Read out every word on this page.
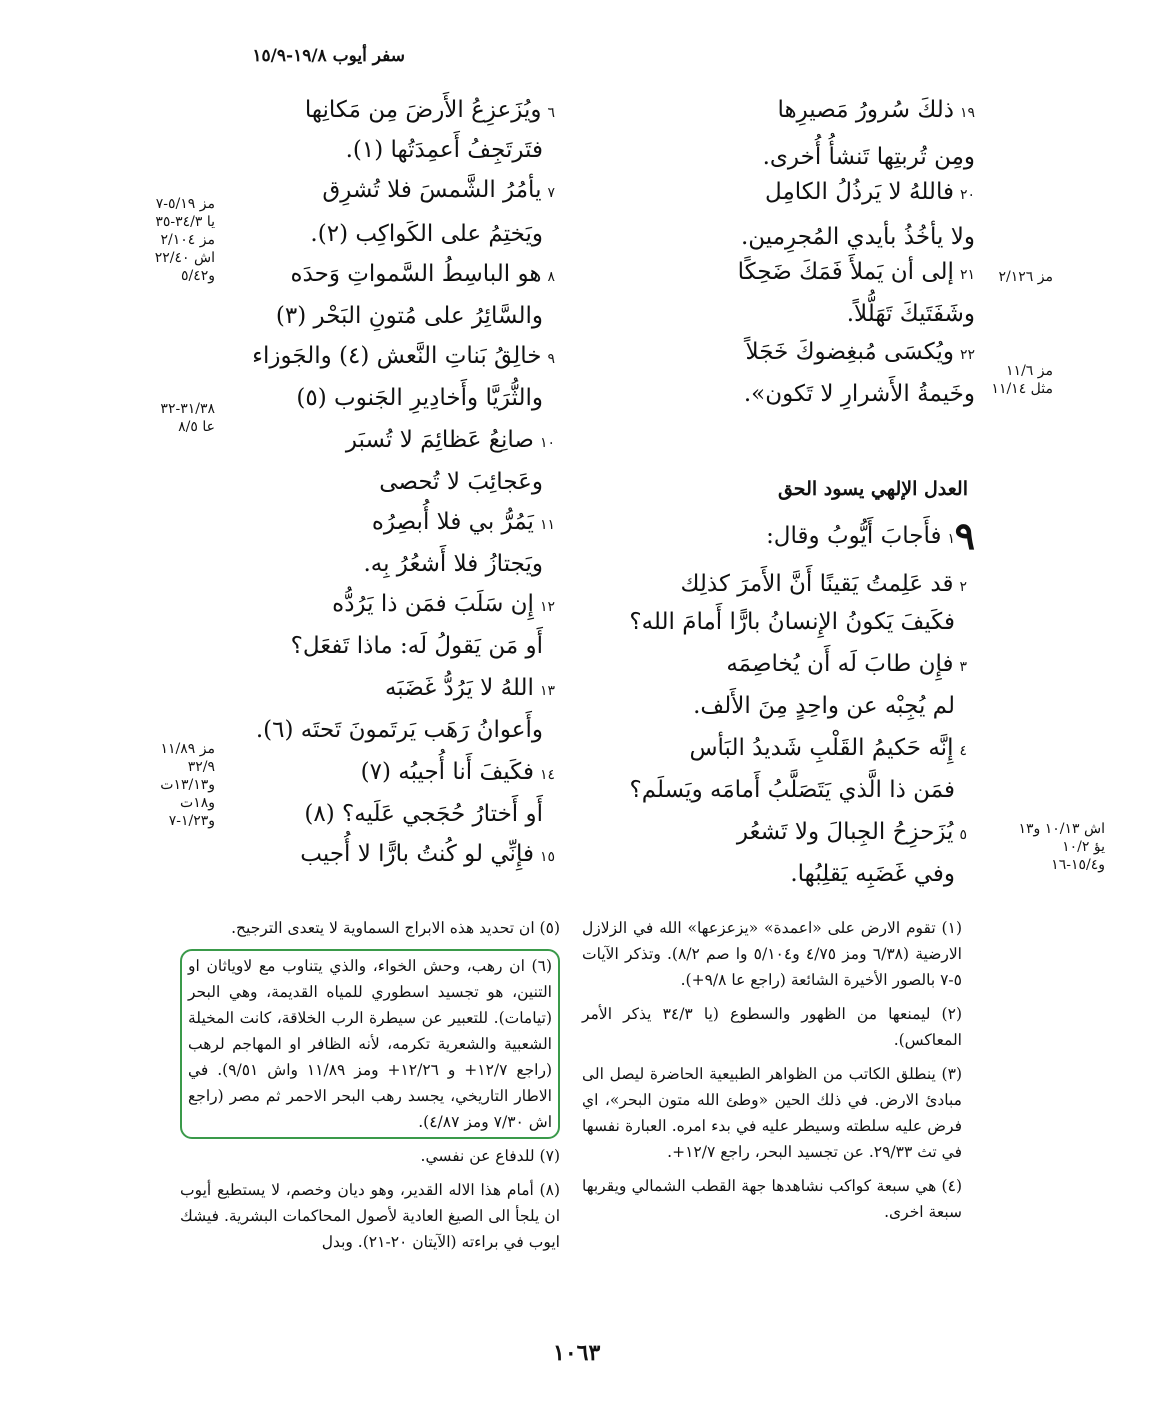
سفر أيوب ١٩/٨-١٥/٩
١٩ذلكَ سُرورُ مَصيرِها
ومِن تُربتِها تَنشأُ أُخرى.
٢٠فاللهُ لا يَرذُلُ الكامِل
ولا يأخُذُ بأيدي المُجرِمين.
٢١إلى أن يَملأَ فَمَكَ ضَحِكًا
وشَفَتَيكَ تَهَلُّلاً.
٢٢ويُكسَى مُبغِضوكَ خَجَلاً
وخَيمةُ الأَشرارِ لا تَكون».
مز ٢/١٢٦
مز ١١/٦
مثل ١١/١٤
العدل الإلهي يسود الحق
٩
١فأَجابَ أَيُّوبُ وقال:
٢قد عَلِمتُ يَقينًا أَنَّ الأَمرَ كذلِك
فكَيفَ يَكونُ الإِنسانُ بارًّا أَمامَ الله؟
٣فإِن طابَ لَه أَن يُخاصِمَه
لم يُجِبْه عن واحِدٍ مِنَ الأَلف.
٤إِنَّه حَكيمُ القَلْبِ شَديدُ البَأس
فمَن ذا الَّذي يَتَصَلَّبُ أَمامَه ويَسلَم؟
٥يُزَحزِحُ الجِبالَ ولا تَشعُر
وفي غَضَبِه يَقلِبُها.
اش ١٠/١٣ و١٣
يؤ ١٠/٢
و١٥/٤-١٦
٦ويُزَعزِعُ الأَرضَ مِن مَكانِها
فتَرتَجِفُ أَعمِدَتُها (١).
٧يأمُرُ الشَّمسَ فلا تُشرِق
ويَختِمُ على الكَواكِب (٢).
٨هو الباسِطُ السَّمواتِ وَحدَه
والسَّائِرُ على مُتونِ البَحْر (٣)
٩خالِقُ بَناتِ النَّعش (٤) والجَوزاء
والثُّرَيَّا وأَخادِيرِ الجَنوب (٥)
١٠صانِعُ عَظائِمَ لا تُسبَر
وعَجائِبَ لا تُحصى
١١يَمُرُّ بي فلا أُبصِرُه
ويَجتازُ فلا أَشعُرُ بِه.
١٢إِن سَلَبَ فمَن ذا يَرُدُّه
أَو مَن يَقولُ لَه: ماذا تَفعَل؟
١٣اللهُ لا يَرُدُّ غَضَبَه
وأَعوانُ رَهَب يَرتَمونَ تَحتَه (٦).
١٤فكَيفَ أَنا أُجيبُه (٧)
أَو أَختارُ حُجَجي عَلَيه؟ (٨)
١٥فإِنِّي لو كُنتُ بارًّا لا أُجيب
مز ٥/١٩-٧
يا ٣٤/٣-٣٥
مز ٢/١٠٤
اش ٢٢/٤٠
و٥/٤٢
٣١/٣٨-٣٢
عا ٨/٥
مز ١١/٨٩
٣٢/٩
و١٣/١٣ت
و١٨ت
و١/٢٣-٧

(١) تقوم الارض على «اعمدة» «يزعزعها» الله في الزلازل الارضية (٦/٣٨ ومز ٤/٧٥ و٥/١٠٤ وا صم ٨/٢). وتذكر الآيات ٥-٧ بالصور الأخيرة الشائعة (راجع عا ٩/٨+).

(٢) ليمنعها من الظهور والسطوع (يا ٣٤/٣ يذكر الأمر المعاكس).

(٣) ينطلق الكاتب من الظواهر الطبيعية الحاضرة ليصل الى مبادئ الارض. في ذلك الحين «وطئ الله متون البحر»، اي فرض عليه سلطته وسيطر عليه في بدء امره. العبارة نفسها في تث ٢٩/٣٣. عن تجسيد البحر، راجع ١٢/٧+.

(٤) هي سبعة كواكب نشاهدها جهة القطب الشمالي ويقربها سبعة اخرى.

(٥) ان تحديد هذه الابراج السماوية لا يتعدى الترجيح.

(٦) ان رهب، وحش الخواء، والذي يتناوب مع لاوياثان او التنين، هو تجسيد اسطوري للمياه القديمة، وهي البحر (تيامات). للتعبير عن سيطرة الرب الخلاقة، كانت المخيلة الشعبية والشعرية تكرمه، لأنه الظافر او المهاجم لرهب (راجع ١٢/٧+ و ١٢/٢٦+ ومز ١١/٨٩ واش ٩/٥١). في الاطار التاريخي، يجسد رهب البحر الاحمر ثم مصر (راجع اش ٧/٣٠ ومز ٤/٨٧).

(٧) للدفاع عن نفسي.

(٨) أمام هذا الاله القدير، وهو ديان وخصم، لا يستطيع أيوب ان يلجأ الى الصيغ العادية لأصول المحاكمات البشرية. فيشك ايوب في براءته (الآيتان ٢٠-٢١). وبدل

١٠٦٣
